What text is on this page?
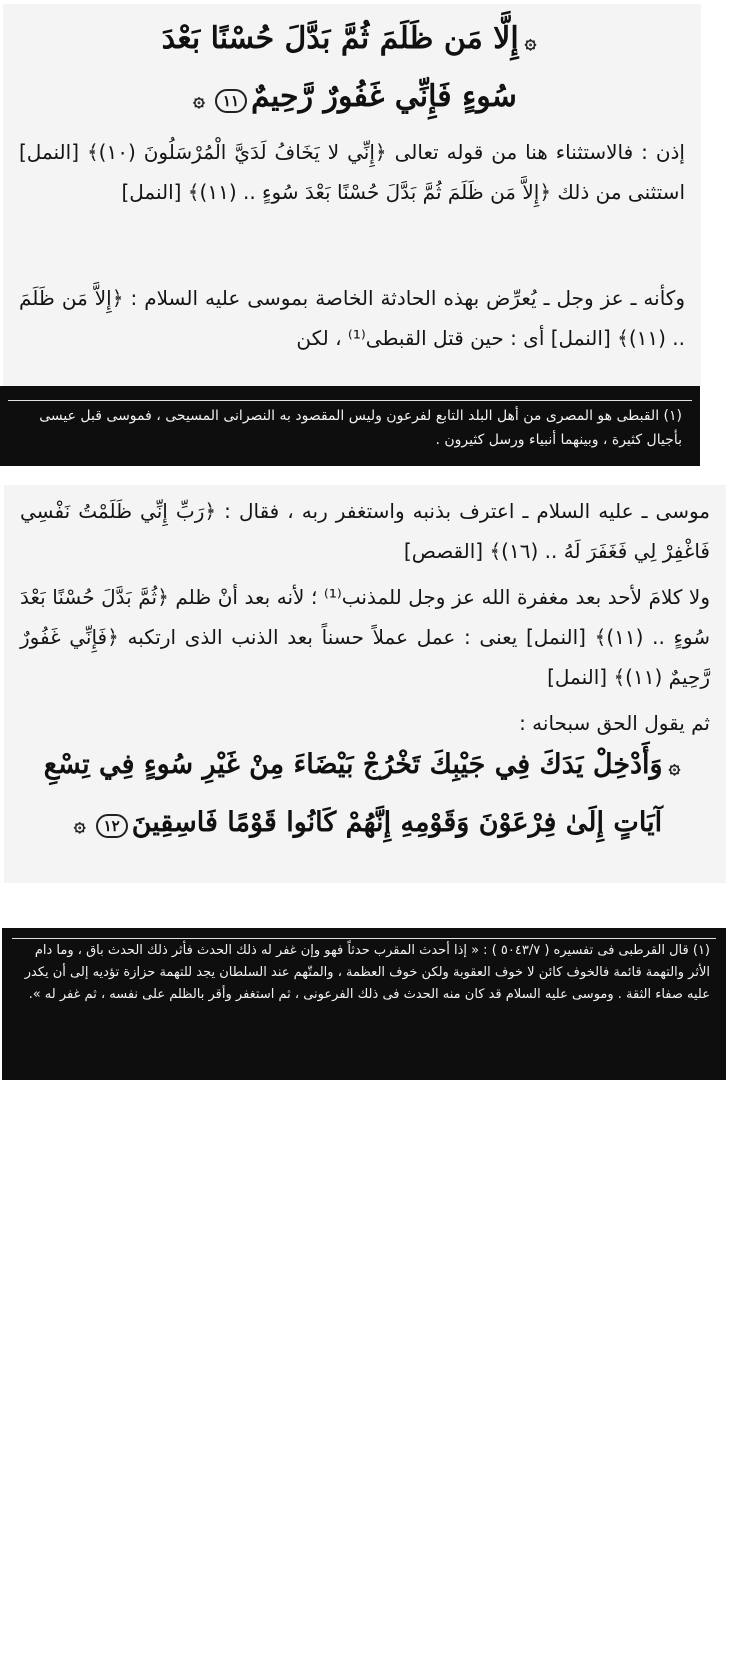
۞إِلَّا مَن ظَلَمَ ثُمَّ بَدَّلَ حُسْنًا بَعْدَ
سُوءٍ فَإِنِّي غَفُورٌ رَّحِيمٌ١١۞
إذن : فالاستثناء هنا من قوله تعالى ﴿إِنِّي لا يَخَافُ لَدَيَّ الْمُرْسَلُونَ (١٠)﴾ [النمل] استثنى من ذلك ﴿إِلاَّ مَن ظَلَمَ ثُمَّ بَدَّلَ حُسْنًا بَعْدَ سُوءٍ .. (١١)﴾ [النمل]
وكأنه ـ عز وجل ـ يُعرِّض بهذه الحادثة الخاصة بموسى عليه السلام : ﴿إِلاَّ مَن ظَلَمَ .. (١١)﴾ [النمل] أى : حين قتل القبطى⁽¹⁾ ، لكن
(١) القبطى هو المصرى من أهل البلد التابع لفرعون وليس المقصود به النصرانى المسيحى ، فموسى قبل عيسى بأجيال كثيرة ، وبينهما أنبياء ورسل كثيرون .
موسى ـ عليه السلام ـ اعترف بذنبه واستغفر ربه ، فقال : ﴿رَبِّ إِنِّي ظَلَمْتُ نَفْسِي فَاغْفِرْ لِي فَغَفَرَ لَهُ .. (١٦)﴾ [القصص]
ولا كلامَ لأحد بعد مغفرة الله عز وجل للمذنب⁽¹⁾ ؛ لأنه بعد أنْ ظلم ﴿ثُمَّ بَدَّلَ حُسْنًا بَعْدَ سُوءٍ .. (١١)﴾ [النمل] يعنى : عمل عملاً حسناً بعد الذنب الذى ارتكبه ﴿فَإِنِّي غَفُورٌ رَّحِيمٌ (١١)﴾ [النمل]
ثم يقول الحق سبحانه :
۞وَأَدْخِلْ يَدَكَ فِي جَيْبِكَ تَخْرُجْ بَيْضَاءَ مِنْ غَيْرِ سُوءٍ فِي تِسْعِ
آيَاتٍ إِلَىٰ فِرْعَوْنَ وَقَوْمِهِ إِنَّهُمْ كَانُوا قَوْمًا فَاسِقِينَ١٢۞
(١) قال القرطبى فى تفسيره ( ٥٠٤٣/٧ ) : « إذا أحدث المقرب حدثاً فهو وإن غفر له ذلك الحدث فأثر ذلك الحدث باق ، وما دام الأثر والتهمة قائمة فالخوف كائن لا خوف العقوبة ولكن خوف العظمة ، والمتّهم عند السلطان يجد للتهمة حزازة تؤديه إلى أن يكدر عليه صفاء الثقة . وموسى عليه السلام قد كان منه الحدث فى ذلك الفرعونى ، ثم استغفر وأقر بالظلم على نفسه ، ثم غفر له ».
